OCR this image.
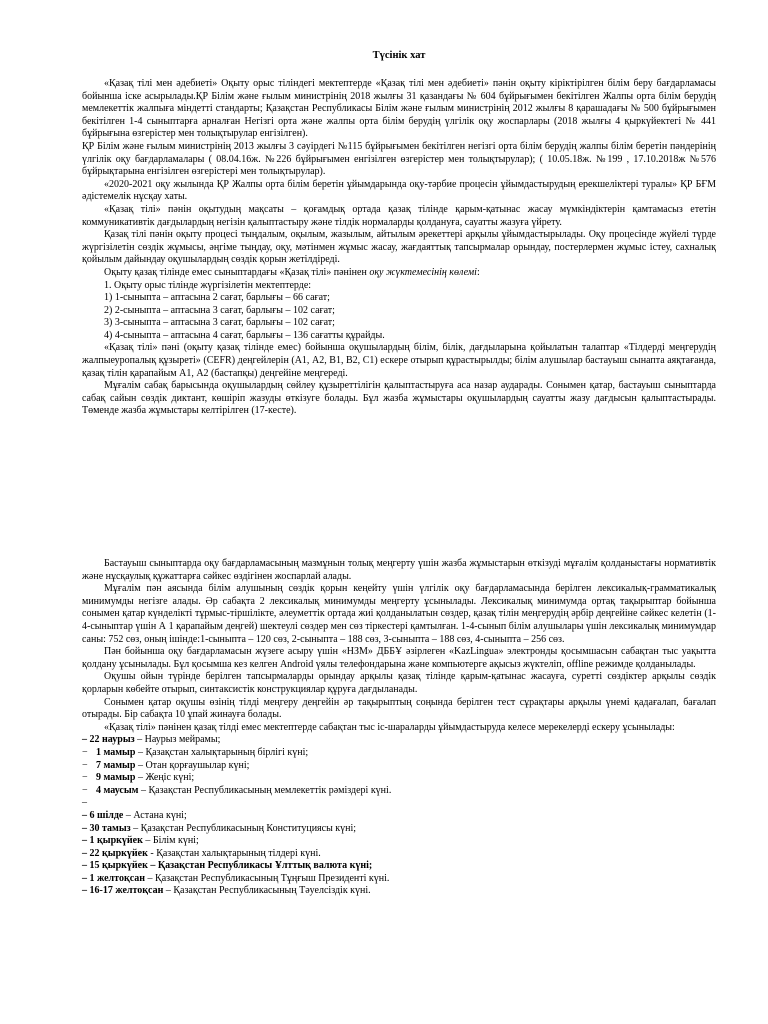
Түсінік хат

«Қазақ тілі мен әдебиеті» Оқыту орыс тіліндегі мектептерде «Қазақ тілі мен әдебиеті» пәнін оқыту кіріктірілген білім беру бағдарламасы бойынша іске асырылады.ҚР Білім және ғылым министрінің 2018 жылғы 31 қазандағы № 604 бұйрығымен бекітілген Жалпы орта білім берудің мемлекеттік жалпыға міндетті стандарты; Қазақстан Республикасы Білім және ғылым министрінің 2012 жылғы 8 қарашадағы № 500 бұйрығымен бекітілген 1-4 сыныптарға арналған Негізгі орта және жалпы орта білім берудің үлгілік оқу жоспарлары (2018 жылғы 4 қыркүйектегі № 441 бұйрығына өзгерістер мен толықтырулар енгізілген).

ҚР Білім және ғылым министрінің 2013 жылғы 3 сәуірдегі №115 бұйрығымен бекітілген негізгі орта білім берудің жалпы білім беретін пәндерінің үлгілік оқу бағдарламалары ( 08.04.16ж. №226 бұйрығымен енгізілген өзгерістер мен толықтырулар); ( 10.05.18ж. №199 , 17.10.2018ж №576 бұйрықтарына енгізілген өзгерістері мен толықтырулар).

«2020-2021 оқу жылында ҚР Жалпы орта білім беретін ұйымдарында оқу-тәрбие процесін ұйымдастырудың ерекшеліктері туралы» ҚР БҒМ әдістемелік нұсқау хаты.

«Қазақ тілі» пәнін оқытудың мақсаты – қоғамдық ортада қазақ тілінде қарым-қатынас жасау мүмкіндіктерін қамтамасыз ететін коммуникативтік дағдылардың негізін қалыптастыру және тілдік нормаларды қолдануға, сауатты жазуға үйрету.

Қазақ тілі пәнін оқыту процесі тыңдалым, оқылым, жазылым, айтылым әрекеттері арқылы ұйымдастырылады. Оқу процесінде жүйелі түрде жүргізілетін сөздік жұмысы, әңгіме тыңдау, оқу, мәтінмен жұмыс жасау, жағдаяттық тапсырмалар орындау, постерлермен жұмыс істеу, сахналық қойылым дайындау оқушылардың сөздік қорын жетілдіреді.

Оқыту қазақ тілінде емес сыныптардағы «Қазақ тілі» пәнінен оқу жүктемесінің көлемі:

1. Оқыту орыс тілінде жүргізілетін мектептерде:

1) 1-сыныпта – аптасына 2 сағат, барлығы – 66 сағат;

2) 2-сыныпта – аптасына 3 сағат, барлығы – 102 сағат;

3) 3-сыныпта – аптасына 3 сағат, барлығы – 102 сағат;

4) 4-сыныпта – аптасына 4 сағат, барлығы – 136 сағатты құрайды.

«Қазақ тілі» пәні (оқыту қазақ тілінде емес) бойынша оқушылардың білім, білік, дағдыларына қойылатын талаптар «Тілдерді меңгерудің жалпыеуропалық құзыреті» (CEFR) деңгейлерін (А1, А2, В1, В2, С1) ескере отырып құрастырылды; білім алушылар бастауыш сынапта аяқтағанда, қазақ тілін қарапайым А1, А2 (бастапқы) деңгейіне меңгереді.

Мұғалім сабақ барысында оқушылардың сөйлеу құзыреттілігін қалыптастыруға аса назар аударады. Сонымен қатар, бастауыш сыныптарда сабақ сайын сөздік диктант, көшіріп жазуды өткізуге болады. Бұл жазба жұмыстары оқушылардың сауатты жазу дағдысын қалыптастырады. Төменде жазба жұмыстары келтірілген (17-кесте).

Бастауыш сыныптарда оқу бағдарламасының мазмұнын толық меңгерту үшін жазба жұмыстарын өткізуді мұғалім қолданыстағы нормативтік және нұсқаулық құжаттарға сәйкес өздігінен жоспарлай алады.

Мұғалім пән аясында білім алушының сөздік қорын кеңейту үшін үлгілік оқу бағдарламасында берілген лексикалық-грамматикалық минимумды негізге алады. Әр сабақта 2 лексикалық минимумды меңгерту ұсынылады. Лексикалық минимумда ортақ тақырыптар бойынша сонымен қатар күнделікті тұрмыс-тіршілікте, әлеуметтік ортада жиі қолданылатын сөздер, қазақ тілін меңгерудің әрбір деңгейіне сәйкес келетін (1-4-сыныптар үшін А 1 қарапайым деңгей) шектеулі сөздер мен сөз тіркестері қамтылған. 1-4-сынып білім алушылары үшін лексикалық минимумдар саны: 752 сөз, оның ішінде:1-сыныпта – 120 сөз, 2-сыныпта – 188 сөз, 3-сыныпта – 188 сөз, 4-сыныпта – 256 сөз.

Пән бойынша оқу бағдарламасын жүзеге асыру үшін «НЗМ» ДББҰ әзірлеген «KazLingua» электронды қосымшасын сабақтан тыс уақытта қолдану ұсынылады. Бұл қосымша кез келген Android үялы телефондарына және компьютерге ақысыз жүктеліп, offline режимде қолданылады.

Оқушы ойын түрінде берілген тапсырмаларды орындау арқылы қазақ тілінде қарым-қатынас жасауға, суретті сөздіктер арқылы сөздік қорларын көбейте отырып, синтаксистік конструкциялар құруға дағдыланады.

Сонымен қатар оқушы өзінің тілді меңгеру деңгейін әр тақырыптың соңында берілген тест сұрақтары арқылы үнемі қадағалап, бағалап отырады. Бір сабақта 10 ұпай жинауға болады.

«Қазақ тілі» пәнінен қазақ тілді емес мектептерде сабақтан тыс іс-шараларды ұйымдастыруда келесе мерекелерді ескеру ұсынылады:

– 22 наурыз – Наурыз мейрамы;
− 1 мамыр – Қазақстан халықтарының бірлігі күні;
− 7 мамыр – Отан қорғаушылар күні;
− 9 мамыр – Жеңіс күні;
− 4 маусым – Қазақстан Республикасының мемлекеттік рәміздері күні.
–
– 6 шілде – Астана күні;
– 30 тамыз – Қазақстан Республикасының Конституциясы күні;
– 1 қыркүйек – Білім күні;
– 22 қыркүйек - Қазақстан халықтарының тілдері күні.
– 15 қыркүйек – Қазақстан Республикасы Ұлттық валюта күні;
– 1 желтоқсан – Қазақстан Республикасының Тұңғыш Президенті күні.
– 16-17 желтоқсан – Қазақстан Республикасының Тәуелсіздік күні.
